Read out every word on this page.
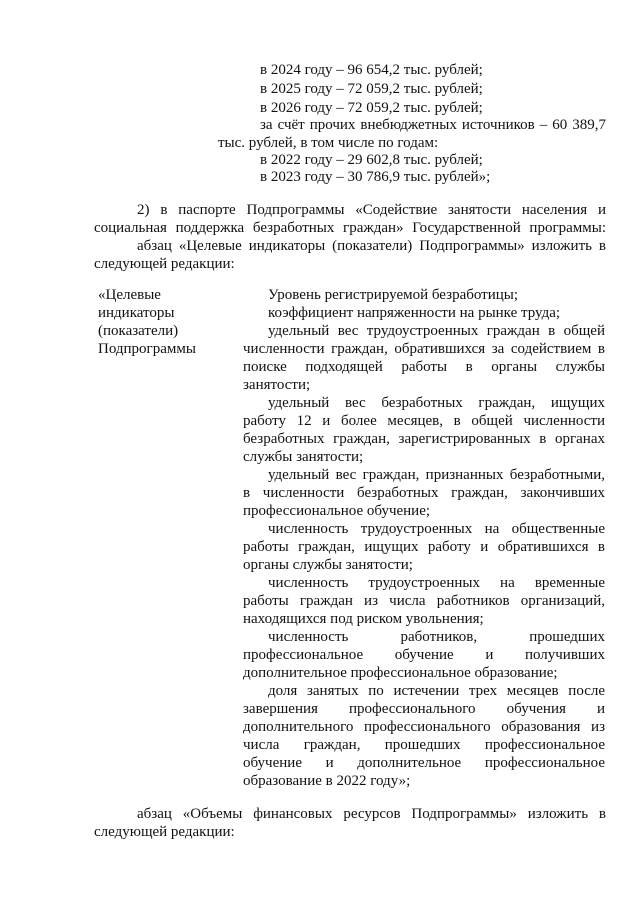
в 2024 году – 96 654,2 тыс. рублей;
в 2025 году – 72 059,2 тыс. рублей;
в 2026 году – 72 059,2 тыс. рублей;
за счёт прочих внебюджетных источников – 60 389,7
тыс. рублей, в том числе по годам:
в 2022 году – 29 602,8 тыс. рублей;
в 2023 году – 30 786,9 тыс. рублей»;
2) в паспорте Подпрограммы «Содействие занятости населения и
социальная поддержка безработных граждан» Государственной программы:
абзац «Целевые индикаторы (показатели) Подпрограммы» изложить в
следующей редакции:
«Целевые
индикаторы
(показатели)
Подпрограммы
Уровень регистрируемой безработицы;
коэффициент напряженности на рынке труда;
удельный вес трудоустроенных граждан в общей
численности граждан, обратившихся за содействием в
поиске подходящей работы в органы службы
занятости;
удельный вес безработных граждан, ищущих
работу 12 и более месяцев, в общей численности
безработных граждан, зарегистрированных в органах
службы занятости;
удельный вес граждан, признанных безработными,
в численности безработных граждан, закончивших
профессиональное обучение;
численность трудоустроенных на общественные
работы граждан, ищущих работу и обратившихся в
органы службы занятости;
численность трудоустроенных на временные
работы граждан из числа работников организаций,
находящихся под риском увольнения;
численность работников, прошедших
профессиональное обучение и получивших
дополнительное профессиональное образование;
доля занятых по истечении трех месяцев после
завершения профессионального обучения и
дополнительного профессионального образования из
числа граждан, прошедших профессиональное
обучение и дополнительное профессиональное
образование в 2022 году»;
абзац «Объемы финансовых ресурсов Подпрограммы» изложить в
следующей редакции:
